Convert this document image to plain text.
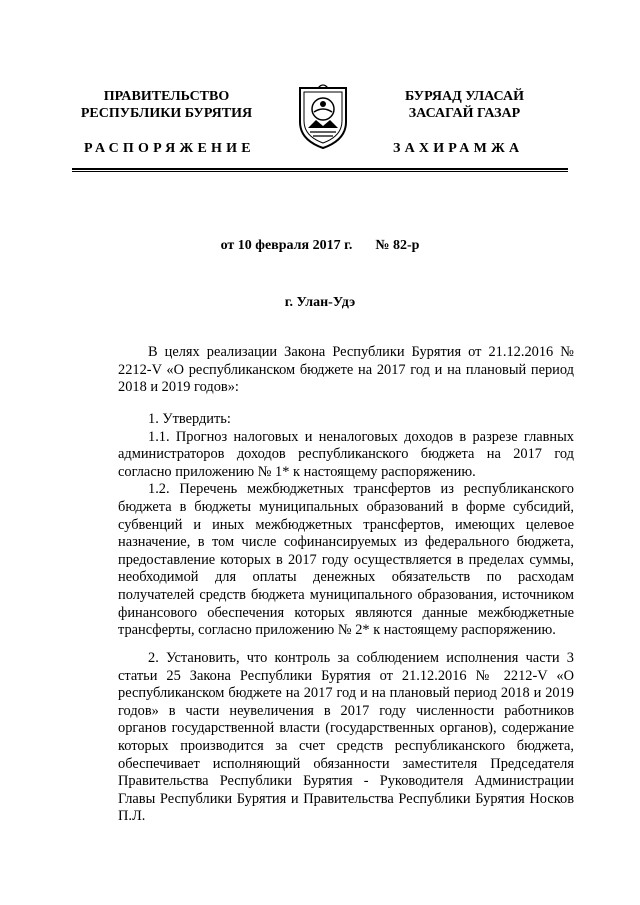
ПРАВИТЕЛЬСТВО
РЕСПУБЛИКИ БУРЯТИЯ
БУРЯАД УЛАСАЙ
ЗАСАГАЙ ГАЗАР
РАСПОРЯЖЕНИЕ	ЗАХИРАМЖА
от 10 февраля 2017 г. № 82-р
г. Улан-Удэ

В целях реализации Закона Республики Бурятия от 21.12.2016 № 2212-V «О республиканском бюджете на 2017 год и на плановый период 2018 и 2019 годов»:

1. Утвердить:

1.1. Прогноз налоговых и неналоговых доходов в разрезе главных администраторов доходов республиканского бюджета на 2017 год согласно приложению № 1* к настоящему распоряжению.

1.2. Перечень межбюджетных трансфертов из республиканского бюджета в бюджеты муниципальных образований в форме субсидий, субвенций и иных межбюджетных трансфертов, имеющих целевое назначение, в том числе софинансируемых из федерального бюджета, предоставление которых в 2017 году осуществляется в пределах суммы, необходимой для оплаты денежных обязательств по расходам получателей средств бюджета муниципального образования, источником финансового обеспечения которых являются данные межбюджетные трансферты, согласно приложению № 2* к настоящему распоряжению.

2. Установить, что контроль за соблюдением исполнения части 3 статьи 25 Закона Республики Бурятия от 21.12.2016 № 2212-V «О республиканском бюджете на 2017 год и на плановый период 2018 и 2019 годов» в части неувеличения в 2017 году численности работников органов государственной власти (государственных органов), содержание которых производится за счет средств республиканского бюджета, обеспечивает исполняющий обязанности заместителя Председателя Правительства Республики Бурятия - Руководителя Администрации Главы Республики Бурятия и Правительства Республики Бурятия Носков П.Л.
